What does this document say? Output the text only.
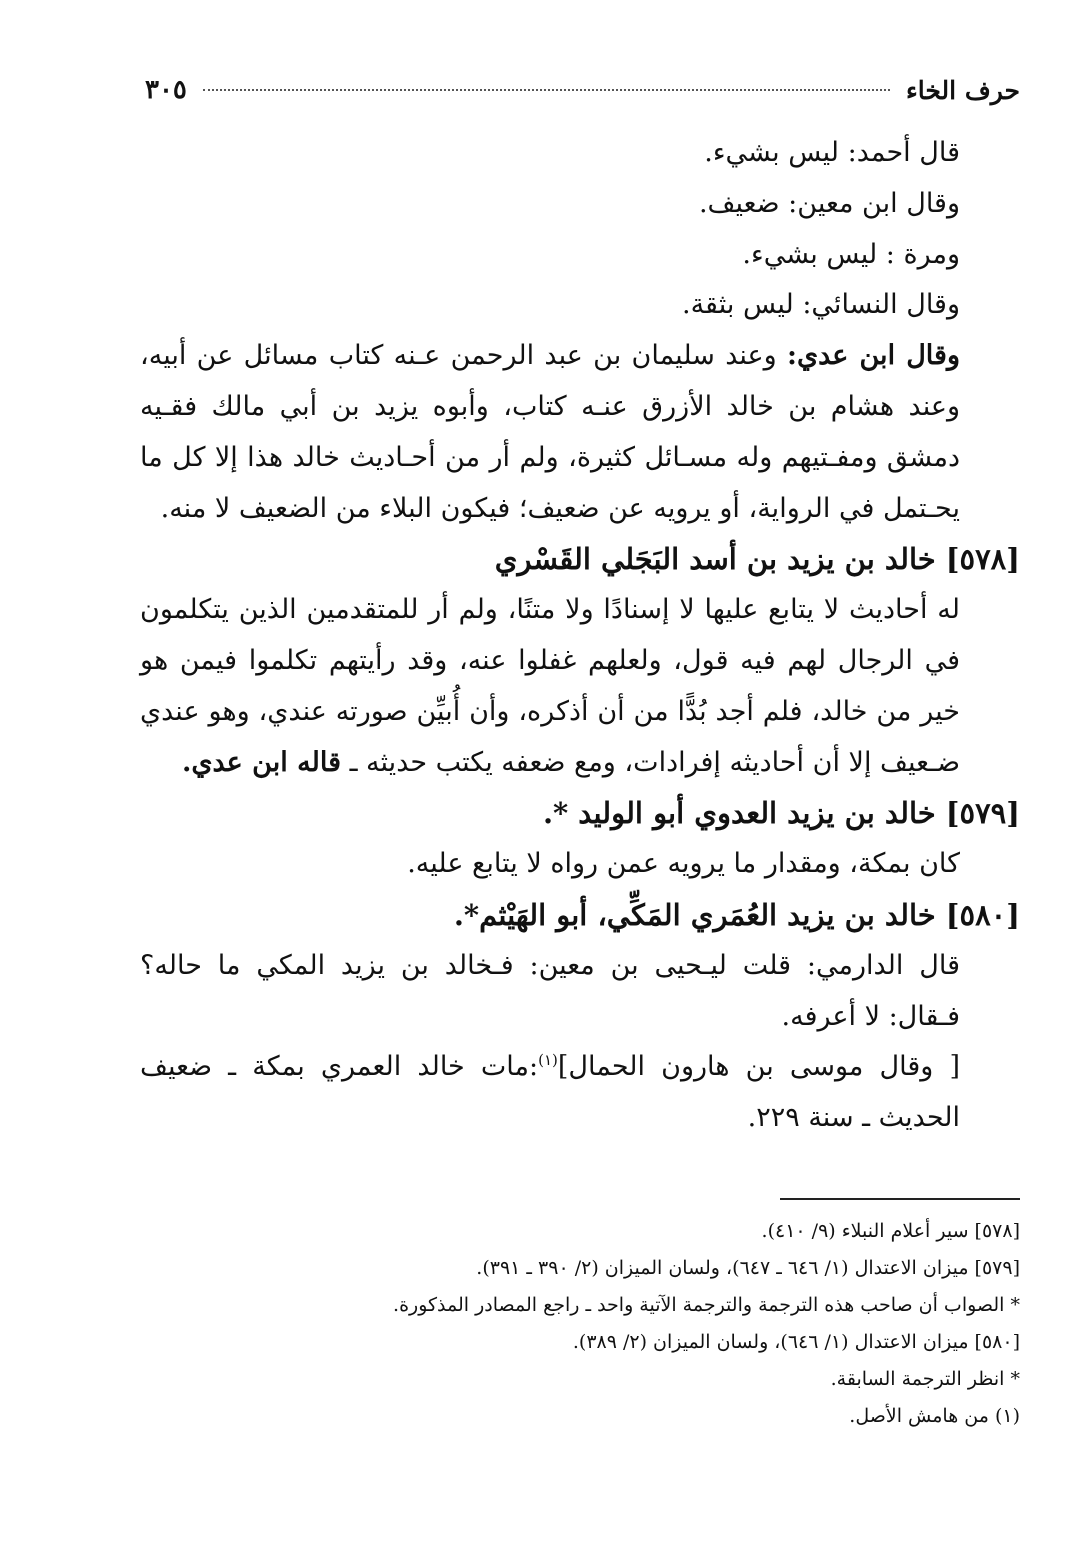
حرف الخاء
٣٠٥

قال أحمد: ليس بشيء.

وقال ابن معين: ضعيف.

ومرة : ليس بشيء.

وقال النسائي: ليس بثقة.

وقال ابن عدي: وعند سليمان بن عبد الرحمن عـنه كتاب مسائل عن أبيه، وعند هشام بن خالد الأزرق عنـه كتاب، وأبوه يزيد بن أبي مالك فقـيه دمشق ومفـتيهم وله مسـائل كثيرة، ولم أر من أحـاديث خالد هذا إلا كل ما يحـتمل في الرواية، أو يرويه عن ضعيف؛ فيكون البلاء من الضعيف لا منه.

[٥٧٨] خالد بن يزيد بن أسد البَجَلي القَسْري

له أحاديث لا يتابع عليها لا إسنادًا ولا متنًا، ولم أر للمتقدمين الذين يتكلمون في الرجال لهم فيه قول، ولعلهم غفلوا عنه، وقد رأيتهم تكلموا فيمن هو خير من خالد، فلم أجد بُدًّا من أن أذكره، وأن أُبيِّن صورته عندي، وهو عندي ضـعيف إلا أن أحاديثه إفرادات، ومع ضعفه يكتب حديثه ـ قاله ابن عدي.

[٥٧٩] خالد بن يزيد العدوي أبو الوليد *.

كان بمكة، ومقدار ما يرويه عمن رواه لا يتابع عليه.

[٥٨٠] خالد بن يزيد العُمَري المَكِّي، أبو الهَيْثم*.

قال الدارمي: قلت ليـحيى بن معين: فـخالد بن يزيد المكي ما حاله؟ فـقال: لا أعرفه.

[ وقال موسى بن هارون الحمال]$^{(١)}$:مات خالد العمري بمكة ـ ضعيف الحديث ـ سنة ٢٢٩.

[٥٧٨] سير أعلام النبلاء (٩/ ٤١٠).

[٥٧٩] ميزان الاعتدال (١/ ٦٤٦ ـ ٦٤٧)، ولسان الميزان (٢/ ٣٩٠ ـ ٣٩١).

* الصواب أن صاحب هذه الترجمة والترجمة الآتية واحد ـ راجع المصادر المذكورة.

[٥٨٠] ميزان الاعتدال (١/ ٦٤٦)، ولسان الميزان (٢/ ٣٨٩).

* انظر الترجمة السابقة.

(١) من هامش الأصل.
